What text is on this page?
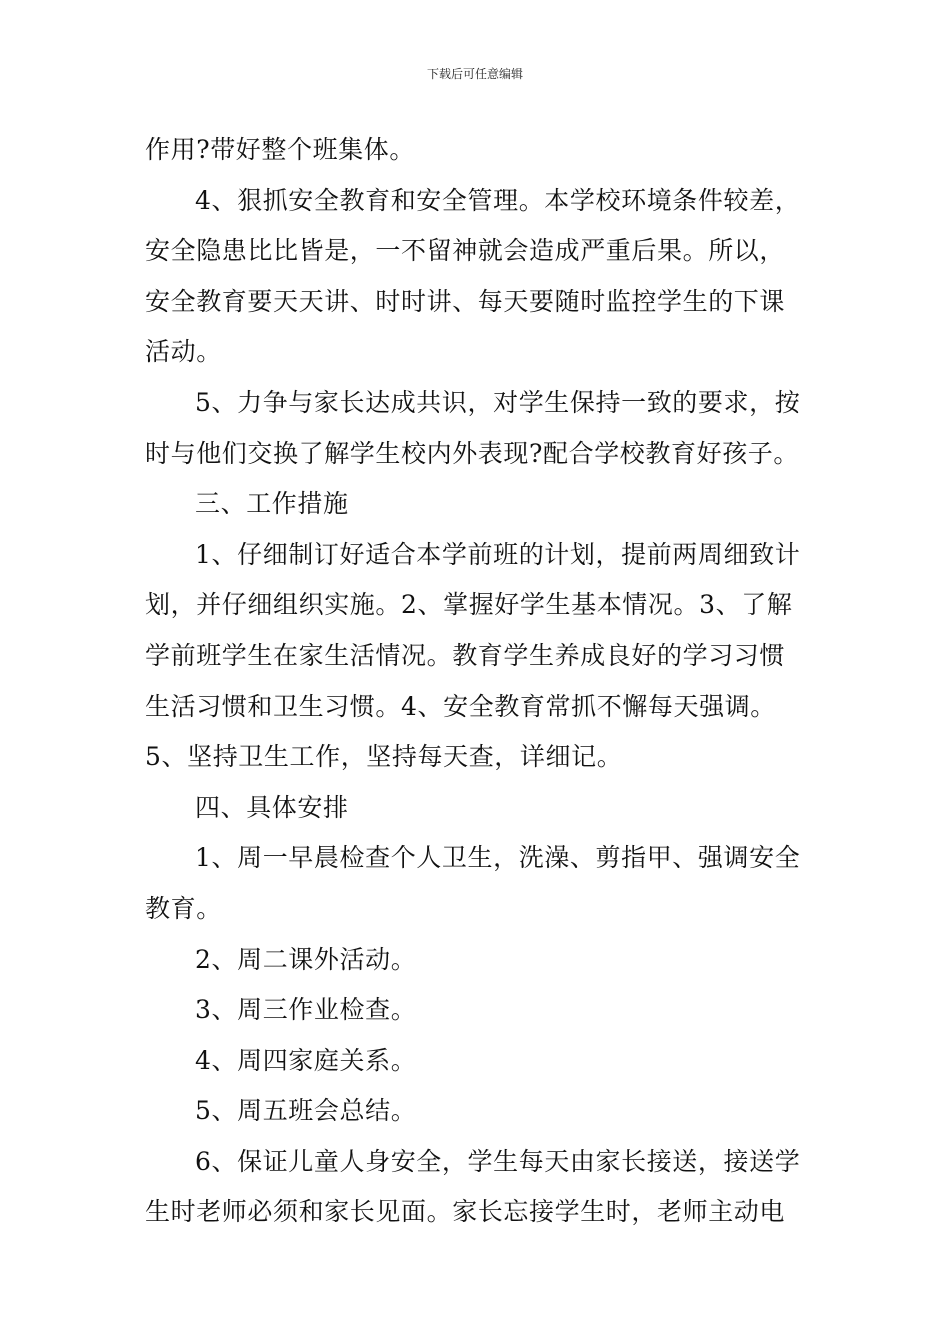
下载后可任意编辑
作用?带好整个班集体。
4、狠抓安全教育和安全管理。本学校环境条件较差，
安全隐患比比皆是，一不留神就会造成严重后果。所以，
安全教育要天天讲、时时讲、每天要随时监控学生的下课
活动。
5、力争与家长达成共识，对学生保持一致的要求，按
时与他们交换了解学生校内外表现?配合学校教育好孩子。
三、工作措施
1、仔细制订好适合本学前班的计划，提前两周细致计
划，并仔细组织实施。2、掌握好学生基本情况。3、了解
学前班学生在家生活情况。教育学生养成良好的学习习惯
生活习惯和卫生习惯。4、安全教育常抓不懈每天强调。
5、坚持卫生工作，坚持每天查，详细记。
四、具体安排
1、周一早晨检查个人卫生，洗澡、剪指甲、强调安全
教育。
2、周二课外活动。
3、周三作业检查。
4、周四家庭关系。
5、周五班会总结。
6、保证儿童人身安全，学生每天由家长接送，接送学
生时老师必须和家长见面。家长忘接学生时，老师主动电
